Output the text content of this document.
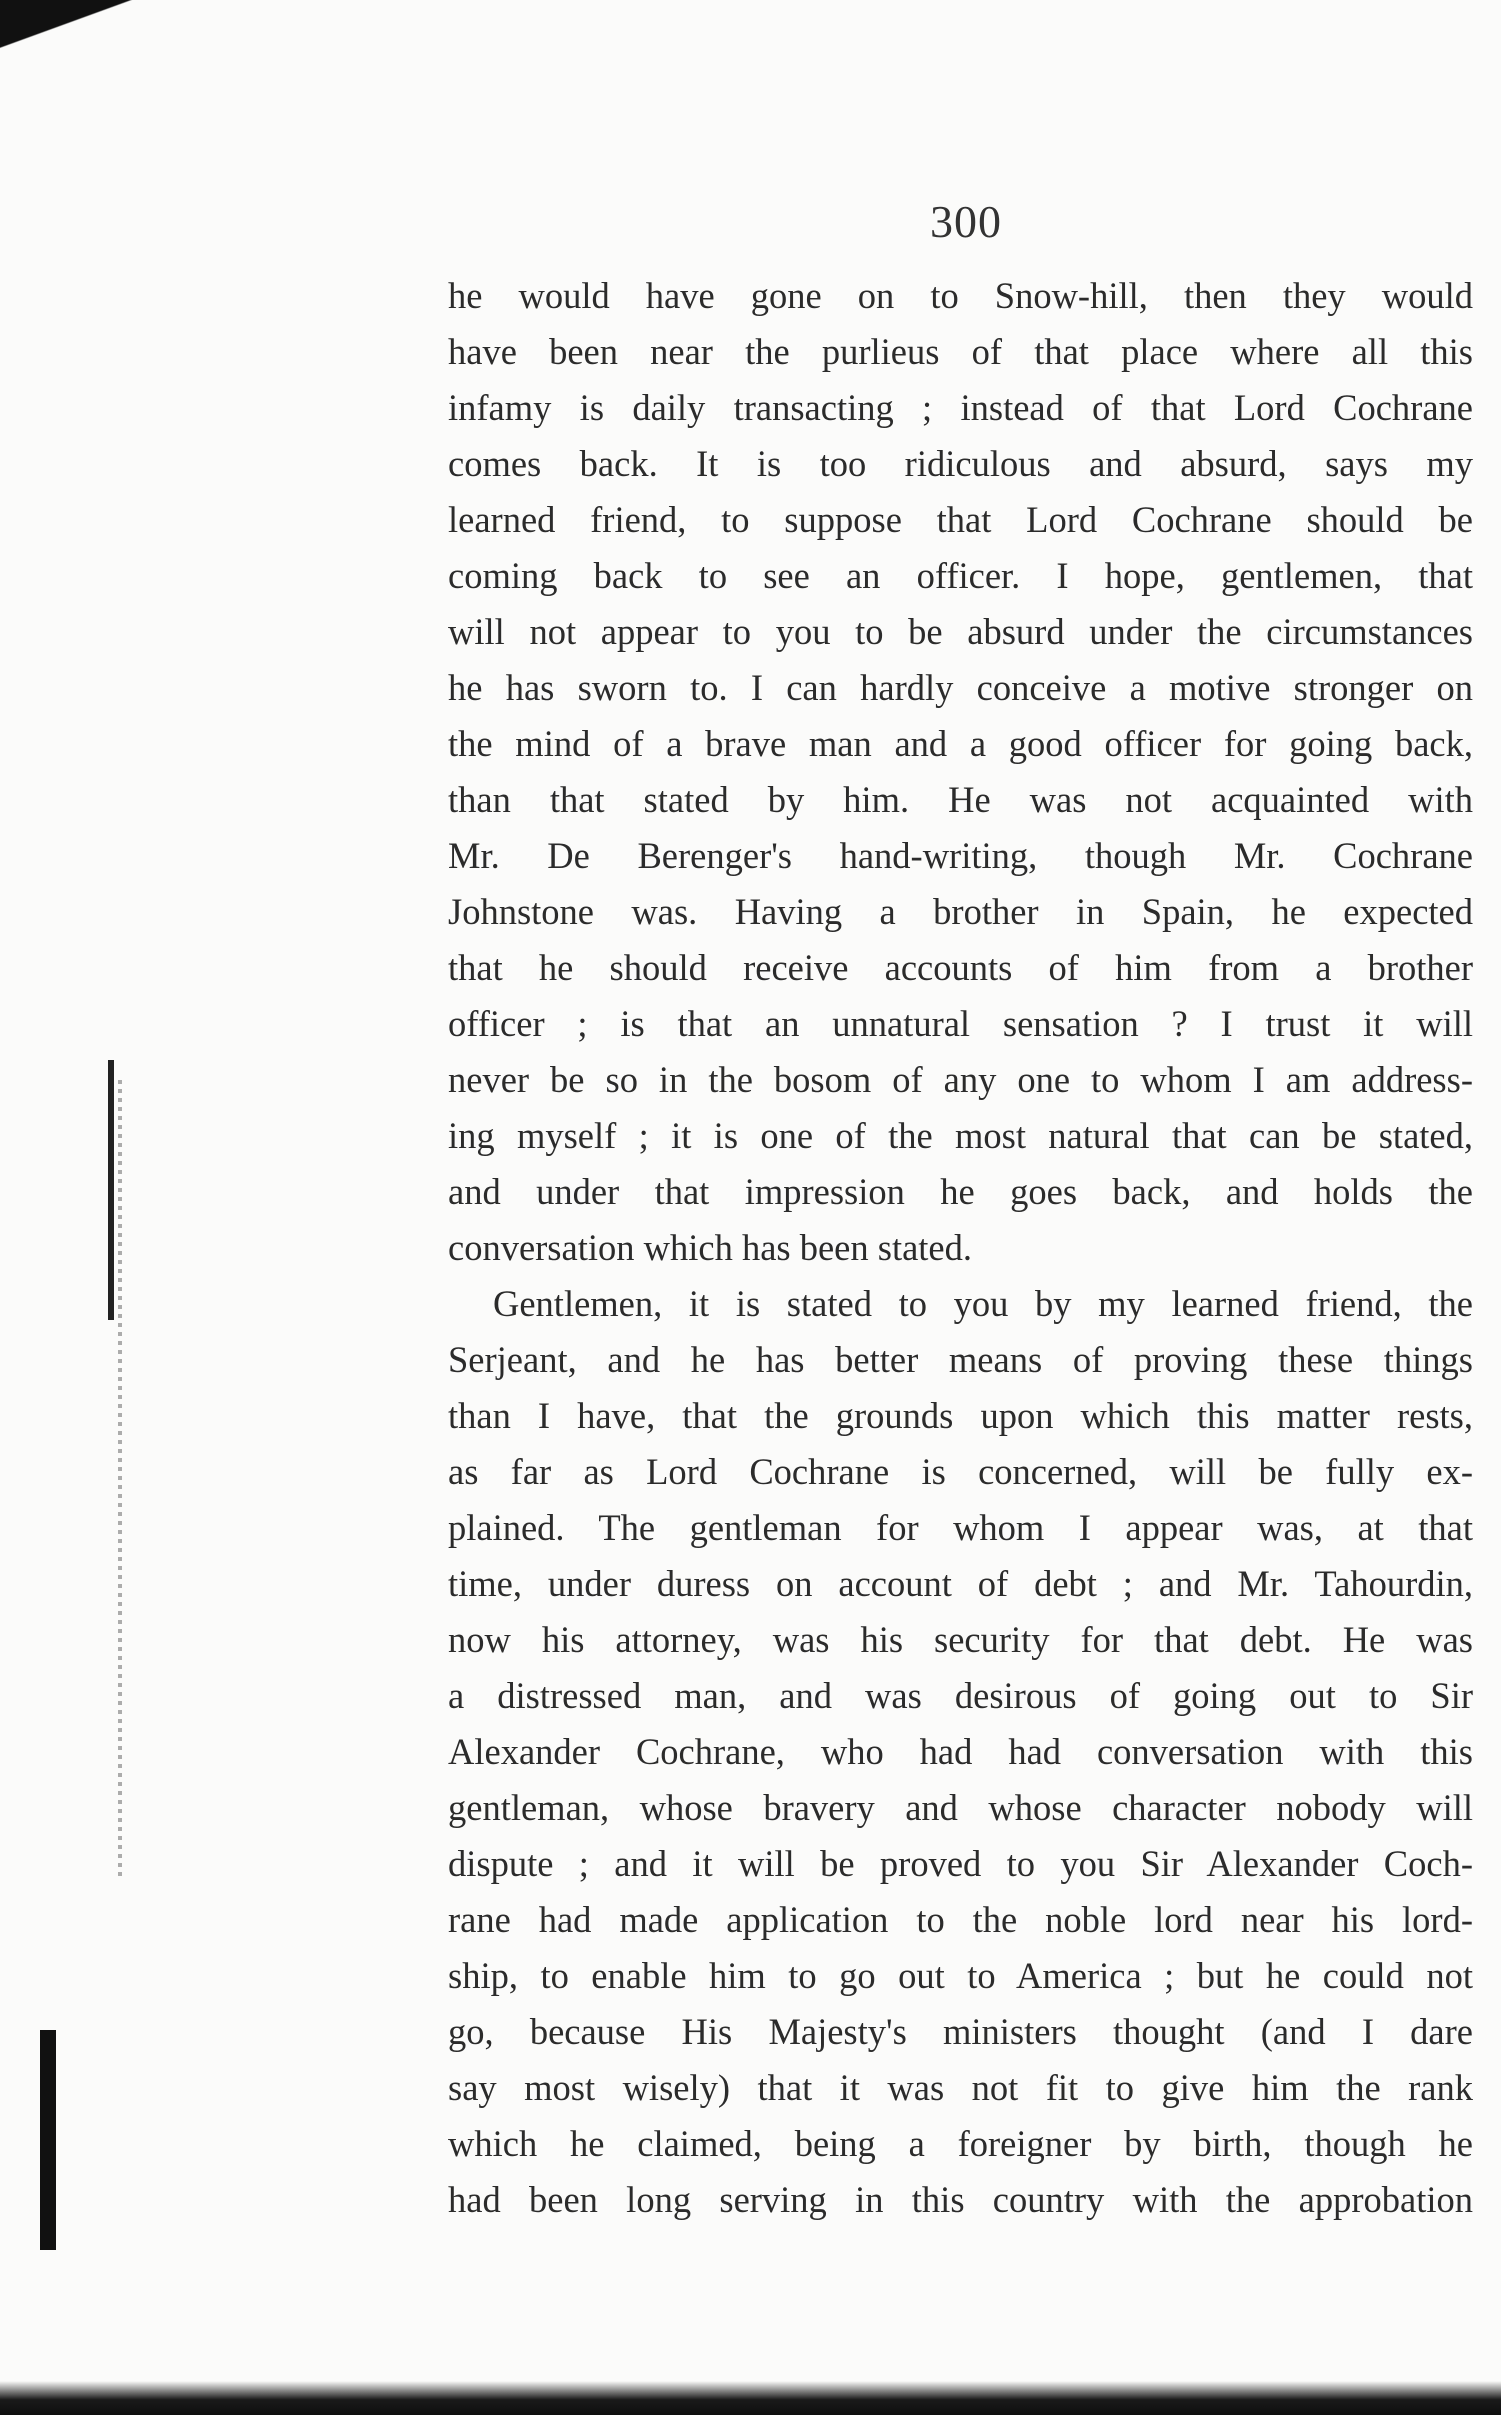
300
he would have gone on to Snow-hill, then they would
have been near the purlieus of that place where all this
infamy is daily transacting ; instead of that Lord Cochrane
comes back. It is too ridiculous and absurd, says my
learned friend, to suppose that Lord Cochrane should be
coming back to see an officer. I hope, gentlemen, that
will not appear to you to be absurd under the circumstances
he has sworn to. I can hardly conceive a motive stronger on
the mind of a brave man and a good officer for going back,
than that stated by him. He was not acquainted with
Mr. De Berenger's hand-writing, though Mr. Cochrane
Johnstone was. Having a brother in Spain, he expected
that he should receive accounts of him from a brother
officer ; is that an unnatural sensation ? I trust it will
never be so in the bosom of any one to whom I am address-
ing myself ; it is one of the most natural that can be stated,
and under that impression he goes back, and holds the
conversation which has been stated.
Gentlemen, it is stated to you by my learned friend, the
Serjeant, and he has better means of proving these things
than I have, that the grounds upon which this matter rests,
as far as Lord Cochrane is concerned, will be fully ex-
plained. The gentleman for whom I appear was, at that
time, under duress on account of debt ; and Mr. Tahourdin,
now his attorney, was his security for that debt. He was
a distressed man, and was desirous of going out to Sir
Alexander Cochrane, who had had conversation with this
gentleman, whose bravery and whose character nobody will
dispute ; and it will be proved to you Sir Alexander Coch-
rane had made application to the noble lord near his lord-
ship, to enable him to go out to America ; but he could not
go, because His Majesty's ministers thought (and I dare
say most wisely) that it was not fit to give him the rank
which he claimed, being a foreigner by birth, though he
had been long serving in this country with the approbation
